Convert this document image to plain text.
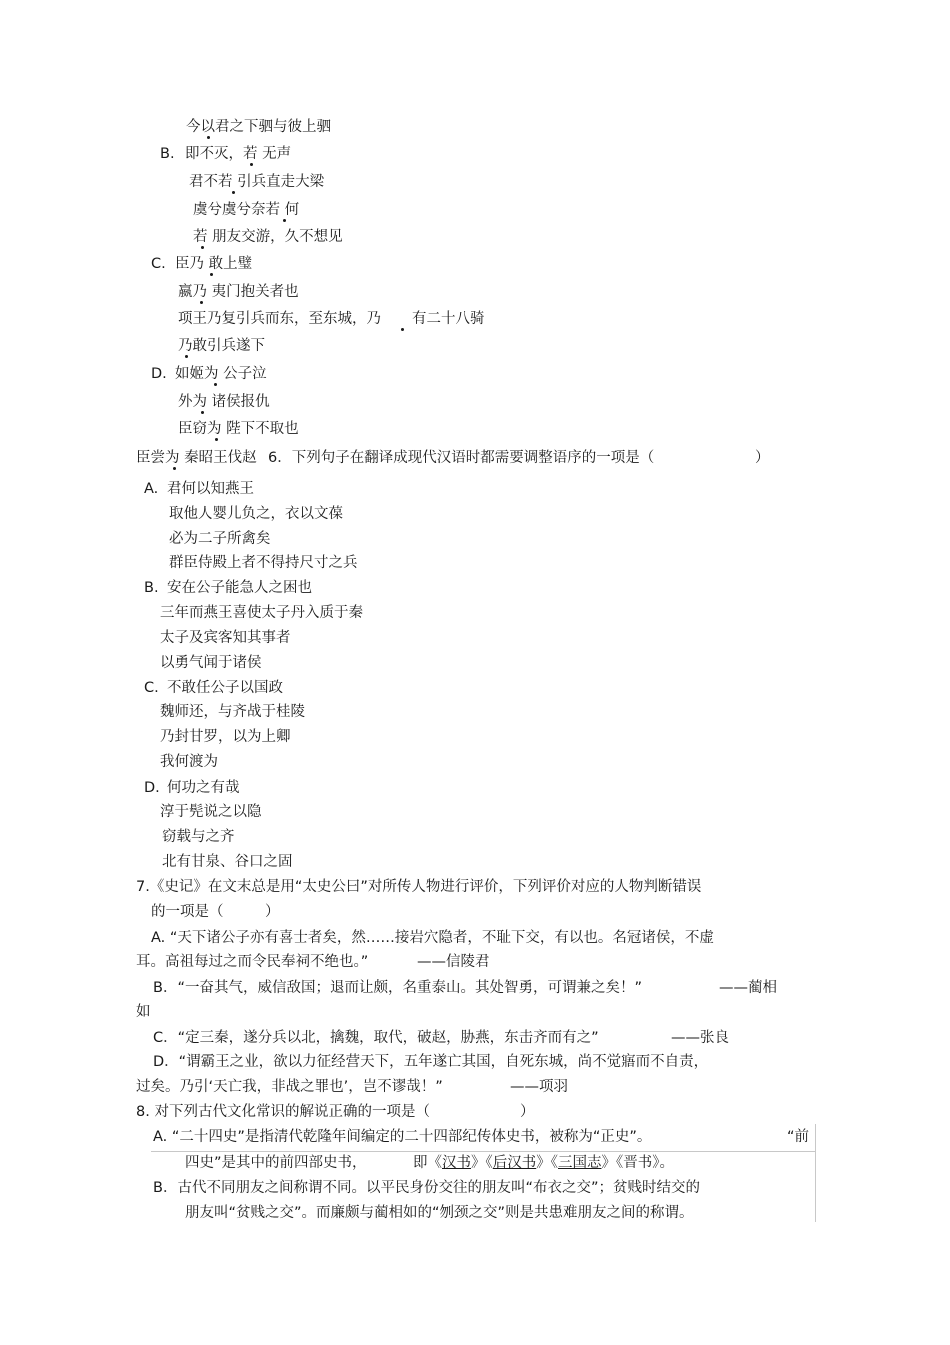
今以君之下驷与彼上驷
B. 即不灭，若 无声
君不若 引兵直走大梁
虞兮虞兮奈若 何
若 朋友交游，久不想见
C. 臣乃 敢上璧
嬴乃 夷门抱关者也
项王乃复引兵而东，至东城，乃 有二十八骑
乃敢引兵遂下
D. 如姬为 公子泣
外为 诸侯报仇
臣窃为 陛下不取也
臣尝为 秦昭王伐赵 6．下列句子在翻译成现代汉语时都需要调整语序的一项是（	）
A. 君何以知燕王
取他人婴儿负之，衣以文葆
必为二子所禽矣
群臣侍殿上者不得持尺寸之兵
B. 安在公子能急人之困也
三年而燕王喜使太子丹入质于秦
太子及宾客知其事者
以勇气闻于诸侯
C. 不敢任公子以国政
魏师还，与齐战于桂陵
乃封甘罗，以为上卿
我何渡为
D. 何功之有哉
淳于髡说之以隐
窃载与之齐
北有甘泉、谷口之固
7.《史记》在文末总是用“太史公曰”对所传人物进行评价，下列评价对应的人物判断错误
的一项是（	）
A. “天下诸公子亦有喜士者矣，然……接岩穴隐者，不耻下交，有以也。名冠诸侯，不虚
耳。高祖每过之而令民奉祠不绝也。”	——信陵君
B．“一奋其气，威信敌国；退而让颇，名重泰山。其处智勇，可谓兼之矣！”	——蔺相
如
C．“定三秦，遂分兵以北，擒魏，取代，破赵，胁燕，东击齐而有之”	——张良
D．“谓霸王之业，欲以力征经营天下，五年遂亡其国，自死东城，尚不觉寤而不自责，
过矣。乃引‘天亡我，非战之罪也’，岂不谬哉！”	——项羽
8. 对下列古代文化常识的解说正确的一项是（	）
A. “二十四史”是指清代乾隆年间编定的二十四部纪传体史书，被称为“正史”。	“前
四史”是其中的前四部史书，	即《汉书》《后汉书》《三国志》《晋书》。
B．古代不同朋友之间称谓不同。以平民身份交往的朋友叫“布衣之交”；贫贱时结交的
朋友叫“贫贱之交”。而廉颇与蔺相如的“刎颈之交”则是共患难朋友之间的称谓。
